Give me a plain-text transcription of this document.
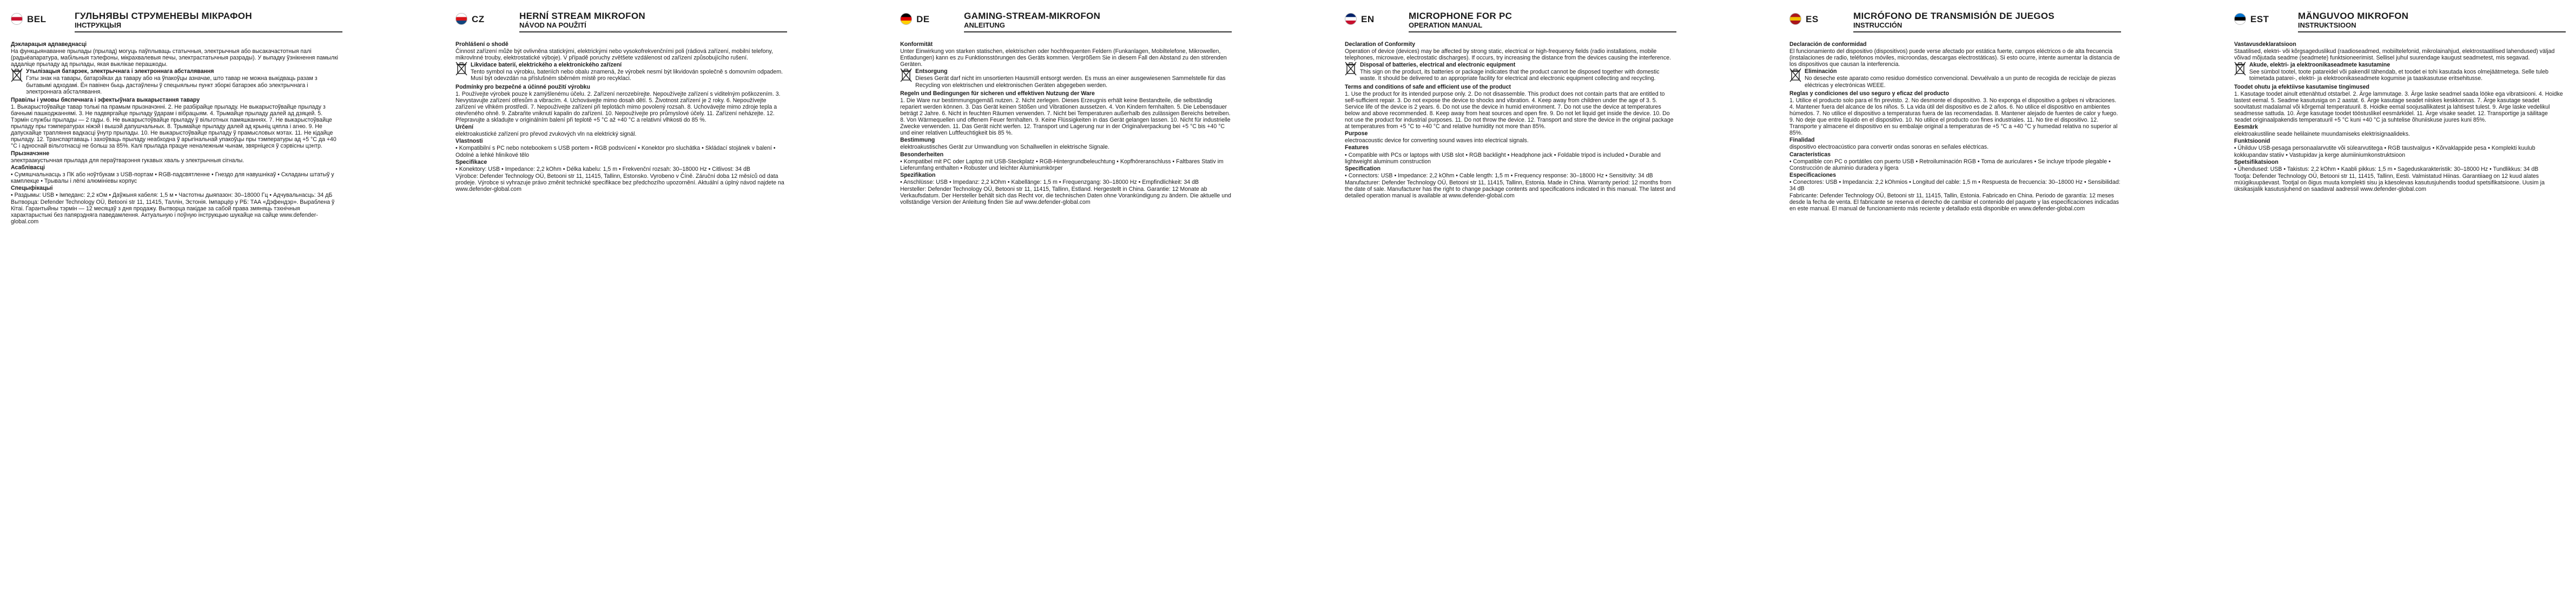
BEL	ГУЛЬНЯВЫ СТРУМЕНЕВЫ МІКРАФОН
ІНСТРУКЦЫЯ

Дэкларацыя адпаведнасці

На функцыянаванне прылады (прылад) могуць паўплываць статычныя, электрычныя або высакачастотныя палі (радыёапаратура, мабільныя тэлефоны, мікрахвалевыя печы, электрастатычныя разрады). У выпадку ўзнікнення памылкі аддаліце прыладу ад прылады, якая выклікае перашкоды.

Утылізацыя батарэек, электрычнага і электроннага абсталявання

Гэты знак на тавары, батарэйках да тавару або на ўпакоўцы азначае, што тавар не можна выкідваць разам з бытавымі адходамі. Ён павінен быць дастаўлены ў спецыяльны пункт зборкі батарэек або электрычнага і электроннага абсталявання.

Правілы і умовы бяспечнага і эфектыўнага выкарыстання тавару

1. Выкарыстоўвайце тавар толькі па прамым прызначэнні. 2. Не разбірайце прыладу. Не выкарыстоўвайце прыладу з бачнымі пашкоджаннямі. 3. Не падвяргайце прыладу ўдарам і вібрацыям. 4. Трымайце прыладу далей ад дзяцей. 5. Тэрмін службы прылады — 2 гады. 6. Не выкарыстоўвайце прыладу ў вільготных памяшканнях. 7. Не выкарыстоўвайце прыладу пры тэмпературах ніжэй і вышэй дапушчальных. 8. Трымайце прыладу далей ад крыніц цяпла і агню. 9. Не дапускайце трапляння вадкасці ўнутр прылады. 10. Не выкарыстоўвайце прыладу ў прамысловых мэтах. 11. Не кідайце прыладу. 12. Транспартаваць і захоўваць прыладу неабходна ў арыгінальнай упакоўцы пры тэмпературы ад +5 °C да +40 °C і адноснай вільготнасці не больш за 85%. Калі прылада працуе неналежным чынам, звярніцеся ў сэрвісны цэнтр.

Прызначэнне

электраакустычная прылада для пераўтварэння гукавых хваль у электрычныя сігналы.

Асаблівасці

• Сумяшчальнасць з ПК або ноўтбукам з USB-портам • RGB-падсвятленне • Гнездо для навушнікаў • Складаны штатыў у камплекце • Трывалы і лёгкі алюмініевы корпус

Спецыфікацыі

• Раздымы: USB • Імпеданс: 2,2 кОм • Даўжыня кабеля: 1,5 м • Частотны дыяпазон: 30–18000 Гц • Адчувальнасць: 34 дБ

Вытворца: Defender Technology OÜ, Betooni str 11, 11415, Таллін, Эстонія. Імпарцёр у РБ: ТАА «Дэфендэр». Выраблена ў Кітаі. Гарантыйны тэрмін — 12 месяцаў з дня продажу. Вытворца пакідае за сабой права змяняць тэхнічныя характарыстыкі без папярэдняга паведамлення. Актуальную і поўную інструкцыю шукайце на сайце www.defender-global.com

CZ	HERNÍ STREAM MIKROFON
NÁVOD NA POUŽITÍ

Prohlášení o shodě

Činnost zařízení může být ovlivněna statickými, elektrickými nebo vysokofrekvenčními poli (rádiová zařízení, mobilní telefony, mikrovlnné trouby, elektrostatické výboje). V případě poruchy zvětšete vzdálenost od zařízení způsobujícího rušení.

Likvidace baterií, elektrického a elektronického zařízení

Tento symbol na výrobku, bateriích nebo obalu znamená, že výrobek nesmí být likvidován společně s domovním odpadem. Musí být odevzdán na příslušném sběrném místě pro recyklaci.

Podmínky pro bezpečné a účinné použití výrobku

1. Používejte výrobek pouze k zamýšlenému účelu. 2. Zařízení nerozebírejte. Nepoužívejte zařízení s viditelným poškozením. 3. Nevystavujte zařízení otřesům a vibracím. 4. Uchovávejte mimo dosah dětí. 5. Životnost zařízení je 2 roky. 6. Nepoužívejte zařízení ve vlhkém prostředí. 7. Nepoužívejte zařízení při teplotách mimo povolený rozsah. 8. Uchovávejte mimo zdroje tepla a otevřeného ohně. 9. Zabraňte vniknutí kapalin do zařízení. 10. Nepoužívejte pro průmyslové účely. 11. Zařízení neházejte. 12. Přepravujte a skladujte v originálním balení při teplotě +5 °C až +40 °C a relativní vlhkosti do 85 %.

Určení

elektroakustické zařízení pro převod zvukových vln na elektrický signál.

Vlastnosti

• Kompatibilní s PC nebo notebookem s USB portem • RGB podsvícení • Konektor pro sluchátka • Skládací stojánek v balení • Odolné a lehké hliníkové tělo

Specifikace

• Konektory: USB • Impedance: 2,2 kOhm • Délka kabelu: 1,5 m • Frekvenční rozsah: 30–18000 Hz • Citlivost: 34 dB

Výrobce: Defender Technology OÜ, Betooni str 11, 11415, Tallinn, Estonsko. Vyrobeno v Číně. Záruční doba 12 měsíců od data prodeje. Výrobce si vyhrazuje právo změnit technické specifikace bez předchozího upozornění. Aktuální a úplný návod najdete na www.defender-global.com

DE	GAMING-STREAM-MIKROFON
ANLEITUNG

Konformität

Unter Einwirkung von starken statischen, elektrischen oder hochfrequenten Feldern (Funkanlagen, Mobiltelefone, Mikrowellen, Entladungen) kann es zu Funktionsstörungen des Geräts kommen. Vergrößern Sie in diesem Fall den Abstand zu den störenden Geräten.

Entsorgung

Dieses Gerät darf nicht im unsortierten Hausmüll entsorgt werden. Es muss an einer ausgewiesenen Sammelstelle für das Recycling von elektrischen und elektronischen Geräten abgegeben werden.

Regeln und Bedingungen für sicheren und effektiven Nutzung der Ware

1. Die Ware nur bestimmungsgemäß nutzen. 2. Nicht zerlegen. Dieses Erzeugnis erhält keine Bestandteile, die selbständig repariert werden können. 3. Das Gerät keinen Stößen und Vibrationen aussetzen. 4. Von Kindern fernhalten. 5. Die Lebensdauer beträgt 2 Jahre. 6. Nicht in feuchten Räumen verwenden. 7. Nicht bei Temperaturen außerhalb des zulässigen Bereichs betreiben. 8. Von Wärmequellen und offenem Feuer fernhalten. 9. Keine Flüssigkeiten in das Gerät gelangen lassen. 10. Nicht für industrielle Zwecke verwenden. 11. Das Gerät nicht werfen. 12. Transport und Lagerung nur in der Originalverpackung bei +5 °C bis +40 °C und einer relativen Luftfeuchtigkeit bis 85 %.

Bestimmung

elektroakustisches Gerät zur Umwandlung von Schallwellen in elektrische Signale.

Besonderheiten

• Kompatibel mit PC oder Laptop mit USB-Steckplatz • RGB-Hintergrundbeleuchtung • Kopfhöreranschluss • Faltbares Stativ im Lieferumfang enthalten • Robuster und leichter Aluminiumkörper

Spezifikation

• Anschlüsse: USB • Impedanz: 2,2 kOhm • Kabellänge: 1,5 m • Frequenzgang: 30–18000 Hz • Empfindlichkeit: 34 dB

Hersteller: Defender Technology OÜ, Betooni str 11, 11415, Tallinn, Estland. Hergestellt in China. Garantie: 12 Monate ab Verkaufsdatum. Der Hersteller behält sich das Recht vor, die technischen Daten ohne Vorankündigung zu ändern. Die aktuelle und vollständige Version der Anleitung finden Sie auf www.defender-global.com

EN	MICROPHONE FOR PC
OPERATION MANUAL

Declaration of Conformity

Operation of device (devices) may be affected by strong static, electrical or high-frequency fields (radio installations, mobile telephones, microwave, electrostatic discharges). If occurs, try increasing the distance from the devices causing the interference.

Disposal of batteries, electrical and electronic equipment

This sign on the product, its batteries or package indicates that the product cannot be disposed together with domestic waste. It should be delivered to an appropriate facility for electrical and electronic equipment collecting and recycling.

Terms and conditions of safe and efficient use of the product

1. Use the product for its intended purpose only. 2. Do not disassemble. This product does not contain parts that are entitled to self-sufficient repair. 3. Do not expose the device to shocks and vibration. 4. Keep away from children under the age of 3. 5. Service life of the device is 2 years. 6. Do not use the device in humid environment. 7. Do not use the device at temperatures below and above recommended. 8. Keep away from heat sources and open fire. 9. Do not let liquid get inside the device. 10. Do not use the product for industrial purposes. 11. Do not throw the device. 12. Transport and store the device in the original package at temperatures from +5 °C to +40 °C and relative humidity not more than 85%.

Purpose

electroacoustic device for converting sound waves into electrical signals.

Features

• Compatible with PCs or laptops with USB slot • RGB backlight • Headphone jack • Foldable tripod is included • Durable and lightweight aluminum construction

Specification

• Connectors: USB • Impedance: 2,2 kOhm • Cable length: 1,5 m • Frequency response: 30–18000 Hz • Sensitivity: 34 dB

Manufacturer: Defender Technology OÜ, Betooni str 11, 11415, Tallinn, Estonia. Made in China. Warranty period: 12 months from the date of sale. Manufacturer has the right to change package contents and specifications indicated in this manual. The latest and detailed operation manual is available at www.defender-global.com

ES	MICRÓFONO DE TRANSMISIÓN DE JUEGOS
INSTRUCCIÓN

Declaración de conformidad

El funcionamiento del dispositivo (dispositivos) puede verse afectado por estática fuerte, campos eléctricos o de alta frecuencia (instalaciones de radio, teléfonos móviles, microondas, descargas electrostáticas). Si esto ocurre, intente aumentar la distancia de los dispositivos que causan la interferencia.

Eliminación

No deseche este aparato como residuo doméstico convencional. Devuélvalo a un punto de recogida de reciclaje de piezas eléctricas y electrónicas WEEE.

Reglas y condiciones del uso seguro y eficaz del producto

1. Utilice el producto solo para el fin previsto. 2. No desmonte el dispositivo. 3. No exponga el dispositivo a golpes ni vibraciones. 4. Mantener fuera del alcance de los niños. 5. La vida útil del dispositivo es de 2 años. 6. No utilice el dispositivo en ambientes húmedos. 7. No utilice el dispositivo a temperaturas fuera de las recomendadas. 8. Mantener alejado de fuentes de calor y fuego. 9. No deje que entre líquido en el dispositivo. 10. No utilice el producto con fines industriales. 11. No tire el dispositivo. 12. Transporte y almacene el dispositivo en su embalaje original a temperaturas de +5 °C a +40 °C y humedad relativa no superior al 85%.

Finalidad

dispositivo electroacústico para convertir ondas sonoras en señales eléctricas.

Características

• Compatible con PC o portátiles con puerto USB • Retroiluminación RGB • Toma de auriculares • Se incluye trípode plegable • Construcción de aluminio duradera y ligera

Especificaciones

• Conectores: USB • Impedancia: 2,2 kOhmios • Longitud del cable: 1,5 m • Respuesta de frecuencia: 30–18000 Hz • Sensibilidad: 34 dB

Fabricante: Defender Technology OÜ, Betooni str 11, 11415, Tallin, Estonia. Fabricado en China. Periodo de garantía: 12 meses desde la fecha de venta. El fabricante se reserva el derecho de cambiar el contenido del paquete y las especificaciones indicadas en este manual. El manual de funcionamiento más reciente y detallado está disponible en www.defender-global.com

EST	MÄNGUVOO MIKROFON
INSTRUKTSIOON

Vastavusdeklaratsioon

Staatilised, elektri- või kõrgsageduslikud (raadioseadmed, mobiiltelefonid, mikrolainahjud, elektrostaatilised lahendused) väljad võivad mõjutada seadme (seadmete) funktsioneerimist. Sellisel juhul suurendage kaugust seadmetest, mis segavad.

Akude, elektri- ja elektroonikaseadmete kasutamine

See sümbol tootel, toote patareidel või pakendil tähendab, et toodet ei tohi kasutada koos olmejäätmetega. Selle tuleb toimetada patarei-, elektri- ja elektroonikaseadmete kogumise ja taaskasutuse eritsehitusse.

Toodet ohutu ja efektiivse kasutamise tingimused

1. Kasutage toodet ainult ettenähtud otstarbel. 2. Ärge lammutage. 3. Ärge laske seadmel saada lööke ega vibratsiooni. 4. Hoidke lastest eemal. 5. Seadme kasutusiga on 2 aastat. 6. Ärge kasutage seadet niiskes keskkonnas. 7. Ärge kasutage seadet soovitatust madalamal või kõrgemal temperatuuril. 8. Hoidke eemal soojusallikatest ja lahtisest tulest. 9. Ärge laske vedelikul seadmesse sattuda. 10. Ärge kasutage toodet tööstuslikel eesmärkidel. 11. Ärge visake seadet. 12. Transportige ja säilitage seadet originaalpakendis temperatuuril +5 °C kuni +40 °C ja suhtelise õhuniiskuse juures kuni 85%.

Eesmärk

elektroakustiline seade helilainete muundamiseks elektrisignaalideks.

Funktsioonid

• Ühilduv USB-pesaga personaalarvutite või sülearvutitega • RGB taustvalgus • Kõrvaklappide pesa • Komplekti kuulub kokkupandav statiiv • Vastupidav ja kerge alumiiniumkonstruktsioon

Spetsifikatsioon

• Ühendused: USB • Takistus: 2,2 kOhm • Kaabli pikkus: 1,5 m • Sageduskarakteristik: 30–18000 Hz • Tundlikkus: 34 dB

Tootja: Defender Technology OÜ, Betooni str 11, 11415, Tallinn, Eesti. Valmistatud Hiinas. Garantiiaeg on 12 kuud alates müügikuupäevast. Tootjal on õigus muuta komplekti sisu ja käesolevas kasutusjuhendis toodud spetsifikatsioone. Uusim ja üksikasjalik kasutusjuhend on saadaval aadressil www.defender-global.com
